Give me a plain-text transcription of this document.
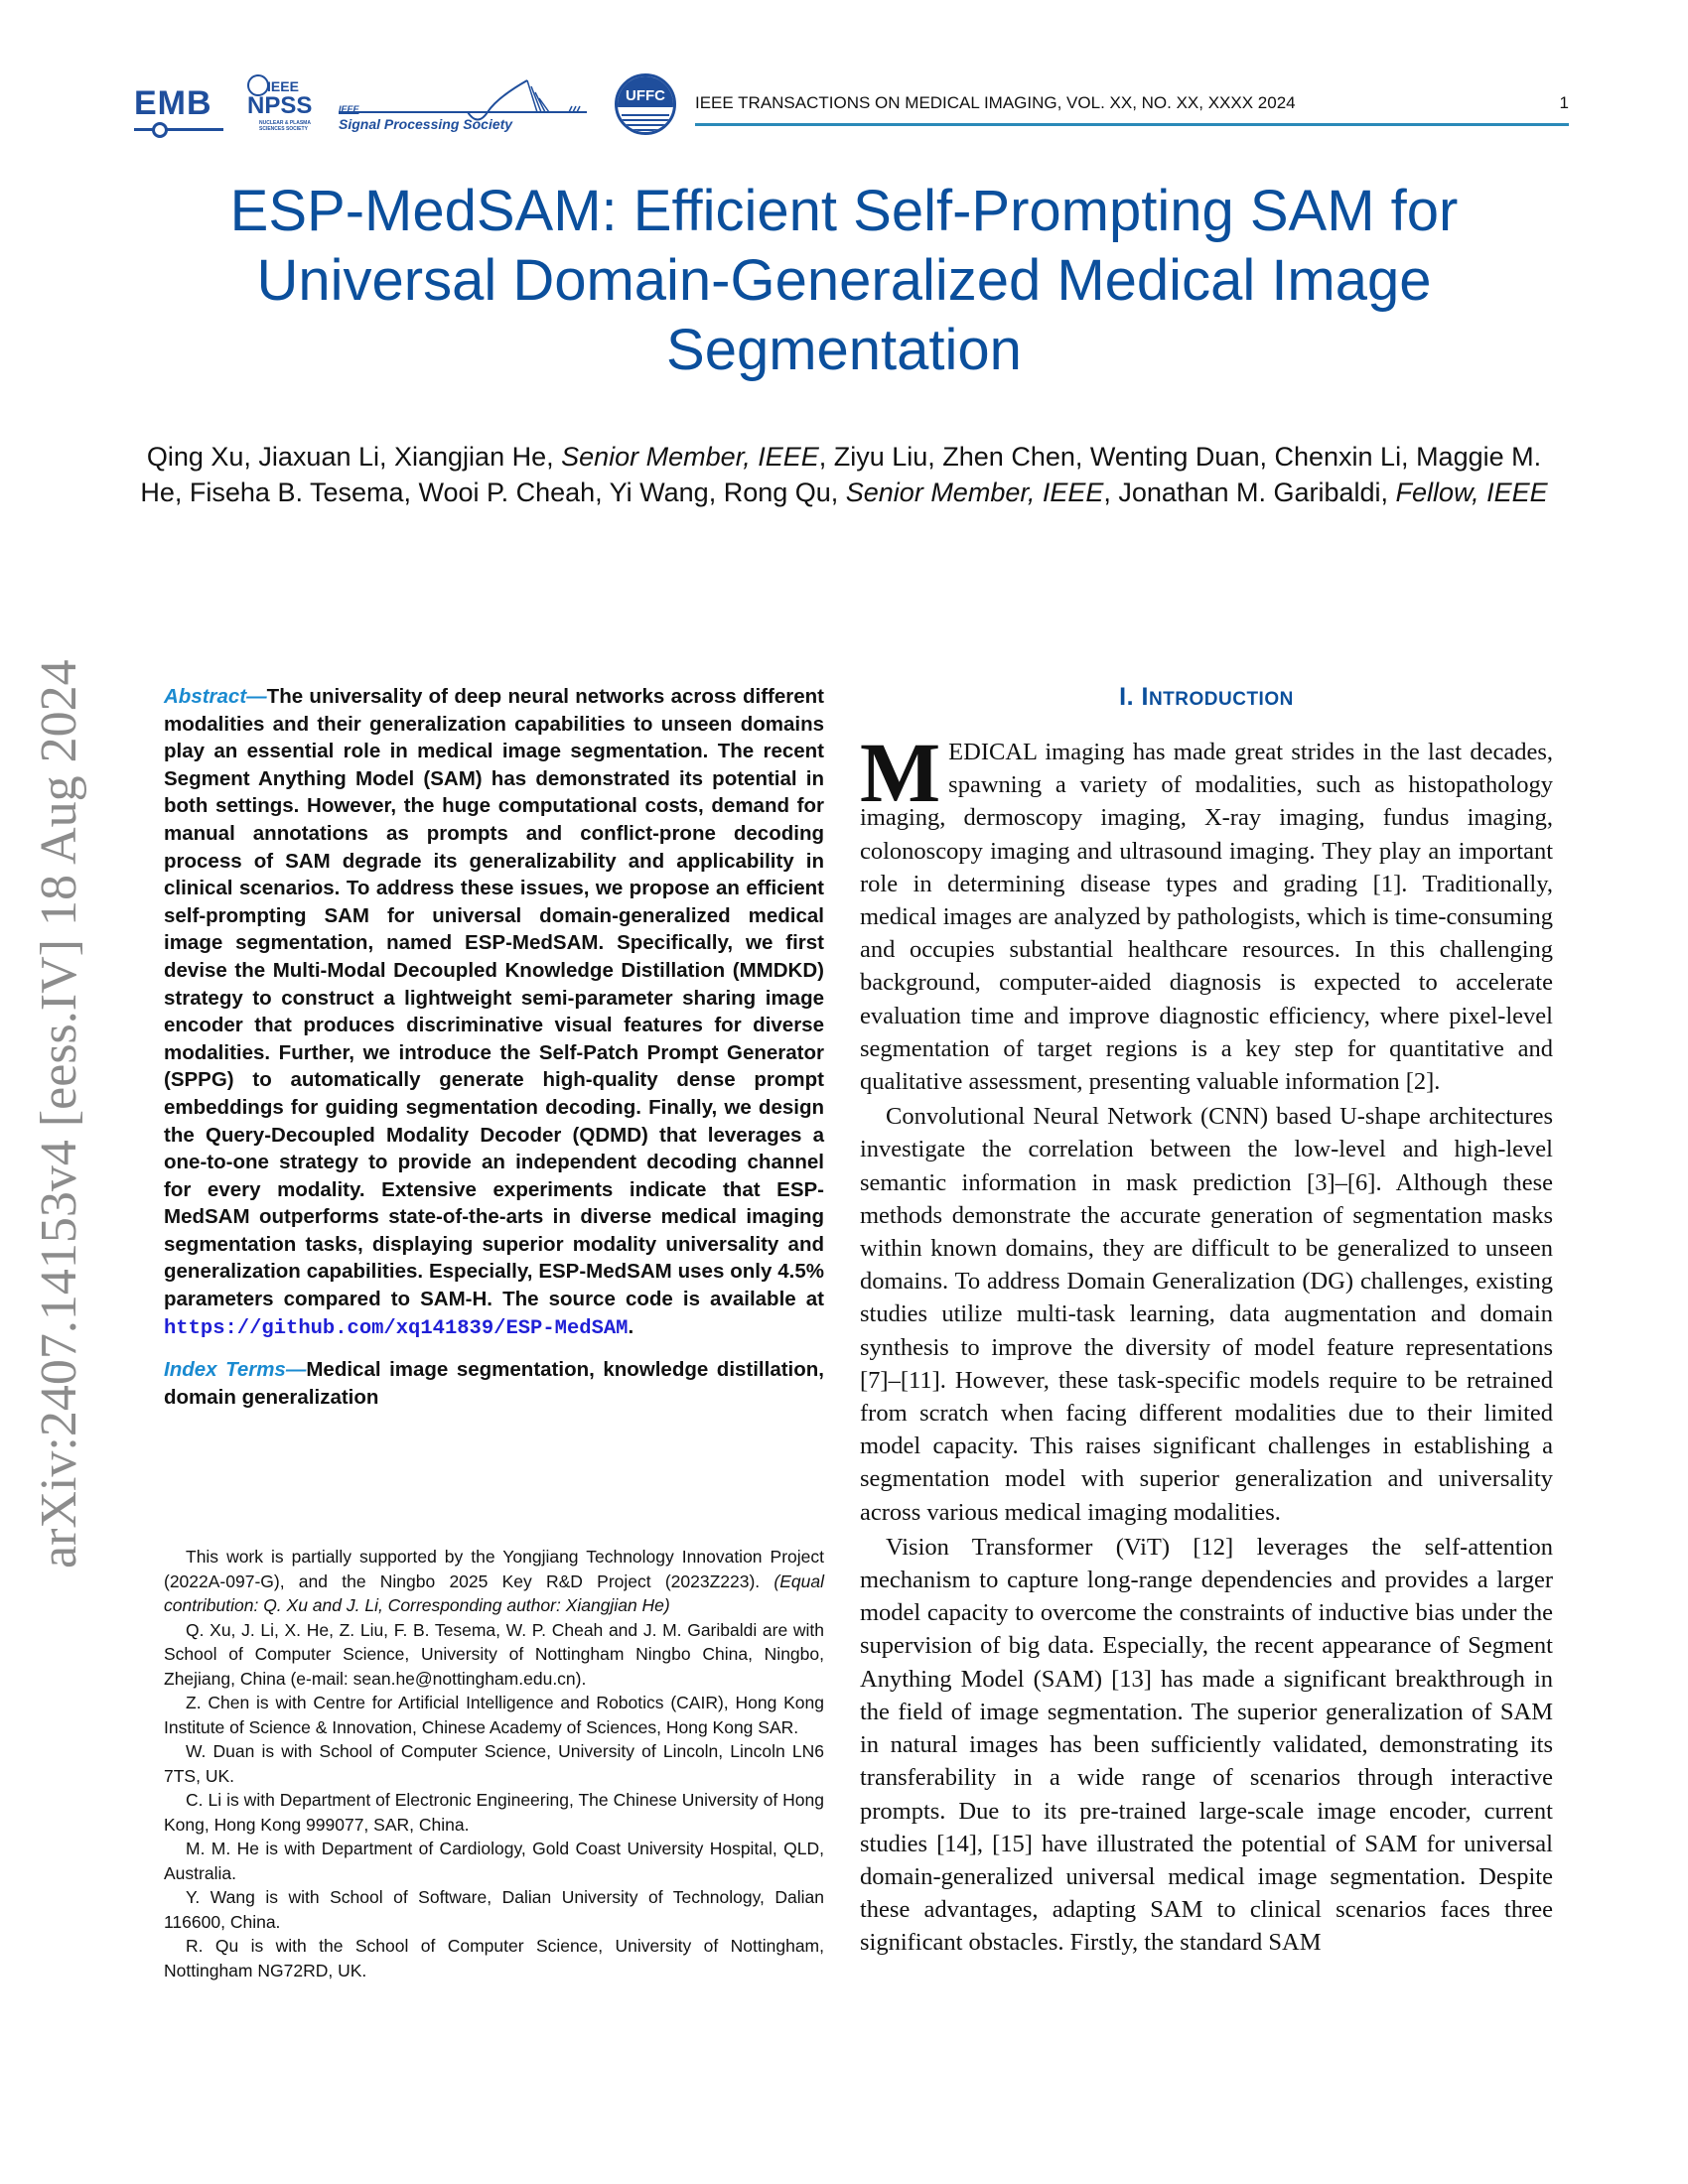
EMB	IEEE
NPSS
NUCLEAR & PLASMA SCIENCES SOCIETY
IEEE
Signal Processing Society
UFFC	IEEE TRANSACTIONS ON MEDICAL IMAGING, VOL. XX, NO. XX, XXXX 2024	1
ESP-MedSAM: Efficient Self-Prompting SAM for
Universal Domain-Generalized Medical Image
Segmentation
Qing Xu, Jiaxuan Li, Xiangjian He, Senior Member, IEEE, Ziyu Liu, Zhen Chen, Wenting Duan, Chenxin Li, Maggie M. He, Fiseha B. Tesema, Wooi P. Cheah, Yi Wang, Rong Qu, Senior Member, IEEE, Jonathan M. Garibaldi, Fellow, IEEE
arXiv:2407.14153v4 [eess.IV] 18 Aug 2024	Abstract—The universality of deep neural networks across different modalities and their generalization capabilities to unseen domains play an essential role in medical image segmentation. The recent Segment Anything Model (SAM) has demonstrated its potential in both settings. However, the huge computational costs, demand for manual annotations as prompts and conflict-prone decoding process of SAM degrade its generalizability and applicability in clinical scenarios. To address these issues, we propose an efficient self-prompting SAM for universal domain-generalized medical image segmentation, named ESP-MedSAM. Specifically, we first devise the Multi-Modal Decoupled Knowledge Distillation (MMDKD) strategy to construct a lightweight semi-parameter sharing image encoder that produces discriminative visual features for diverse modalities. Further, we introduce the Self-Patch Prompt Generator (SPPG) to automatically generate high-quality dense prompt embeddings for guiding segmentation decoding. Finally, we design the Query-Decoupled Modality Decoder (QDMD) that leverages a one-to-one strategy to provide an independent decoding channel for every modality. Extensive experiments indicate that ESP-MedSAM outperforms state-of-the-arts in diverse medical imaging segmentation tasks, displaying superior modality universality and generalization capabilities. Especially, ESP-MedSAM uses only 4.5% parameters compared to SAM-H. The source code is available at https://github.com/xq141839/ESP-MedSAM.
Index Terms—Medical image segmentation, knowledge distillation, domain generalization

This work is partially supported by the Yongjiang Technology Innovation Project (2022A-097-G), and the Ningbo 2025 Key R&D Project (2023Z223). (Equal contribution: Q. Xu and J. Li, Corresponding author: Xiangjian He)

Q. Xu, J. Li, X. He, Z. Liu, F. B. Tesema, W. P. Cheah and J. M. Garibaldi are with School of Computer Science, University of Nottingham Ningbo China, Ningbo, Zhejiang, China (e-mail: sean.he@nottingham.edu.cn).

Z. Chen is with Centre for Artificial Intelligence and Robotics (CAIR), Hong Kong Institute of Science & Innovation, Chinese Academy of Sciences, Hong Kong SAR.

W. Duan is with School of Computer Science, University of Lincoln, Lincoln LN6 7TS, UK.

C. Li is with Department of Electronic Engineering, The Chinese University of Hong Kong, Hong Kong 999077, SAR, China.

M. M. He is with Department of Cardiology, Gold Coast University Hospital, QLD, Australia.

Y. Wang is with School of Software, Dalian University of Technology, Dalian 116600, China.

R. Qu is with the School of Computer Science, University of Nottingham, Nottingham NG72RD, UK.

I. INTRODUCTION

MEDICAL imaging has made great strides in the last decades, spawning a variety of modalities, such as histopathology imaging, dermoscopy imaging, X-ray imaging, fundus imaging, colonoscopy imaging and ultrasound imaging. They play an important role in determining disease types and grading [1]. Traditionally, medical images are analyzed by pathologists, which is time-consuming and occupies substantial healthcare resources. In this challenging background, computer-aided diagnosis is expected to accelerate evaluation time and improve diagnostic efficiency, where pixel-level segmentation of target regions is a key step for quantitative and qualitative assessment, presenting valuable information [2].

Convolutional Neural Network (CNN) based U-shape architectures investigate the correlation between the low-level and high-level semantic information in mask prediction [3]–[6]. Although these methods demonstrate the accurate generation of segmentation masks within known domains, they are difficult to be generalized to unseen domains. To address Domain Generalization (DG) challenges, existing studies utilize multi-task learning, data augmentation and domain synthesis to improve the diversity of model feature representations [7]–[11]. However, these task-specific models require to be retrained from scratch when facing different modalities due to their limited model capacity. This raises significant challenges in establishing a segmentation model with superior generalization and universality across various medical imaging modalities.

Vision Transformer (ViT) [12] leverages the self-attention mechanism to capture long-range dependencies and provides a larger model capacity to overcome the constraints of inductive bias under the supervision of big data. Especially, the recent appearance of Segment Anything Model (SAM) [13] has made a significant breakthrough in the field of image segmentation. The superior generalization of SAM in natural images has been sufficiently validated, demonstrating its transferability in a wide range of scenarios through interactive prompts. Due to its pre-trained large-scale image encoder, current studies [14], [15] have illustrated the potential of SAM for universal domain-generalized universal medical image segmentation. Despite these advantages, adapting SAM to clinical scenarios faces three significant obstacles. Firstly, the standard SAM
